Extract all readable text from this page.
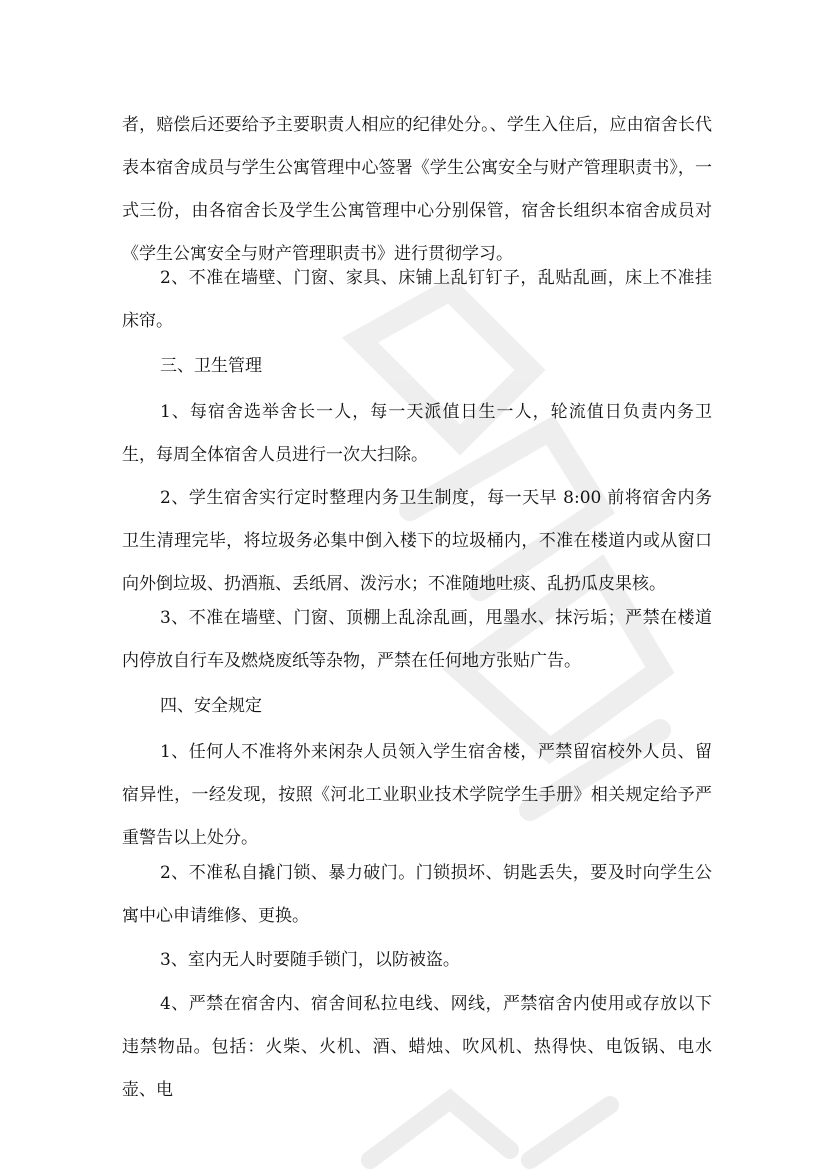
者，赔偿后还要给予主要职责人相应的纪律处分。、学生入住后，应由宿舍长代表本宿舍成员与学生公寓管理中心签署《学生公寓安全与财产管理职责书》，一式三份，由各宿舍长及学生公寓管理中心分别保管，宿舍长组织本宿舍成员对《学生公寓安全与财产管理职责书》进行贯彻学习。

2、不准在墙壁、门窗、家具、床铺上乱钉钉子，乱贴乱画，床上不准挂床帘。

三、卫生管理

1、每宿舍选举舍长一人，每一天派值日生一人，轮流值日负责内务卫生，每周全体宿舍人员进行一次大扫除。

2、学生宿舍实行定时整理内务卫生制度，每一天早 8:00 前将宿舍内务卫生清理完毕，将垃圾务必集中倒入楼下的垃圾桶内，不准在楼道内或从窗口向外倒垃圾、扔酒瓶、丢纸屑、泼污水；不准随地吐痰、乱扔瓜皮果核。

3、不准在墙壁、门窗、顶棚上乱涂乱画，甩墨水、抹污垢；严禁在楼道内停放自行车及燃烧废纸等杂物，严禁在任何地方张贴广告。

四、安全规定

1、任何人不准将外来闲杂人员领入学生宿舍楼，严禁留宿校外人员、留宿异性，一经发现，按照《河北工业职业技术学院学生手册》相关规定给予严重警告以上处分。

2、不准私自撬门锁、暴力破门。门锁损坏、钥匙丢失，要及时向学生公寓中心申请维修、更换。

3、室内无人时要随手锁门，以防被盗。

4、严禁在宿舍内、宿舍间私拉电线、网线，严禁宿舍内使用或存放以下违禁物品。包括：火柴、火机、酒、蜡烛、吹风机、热得快、电饭锅、电水壶、电
